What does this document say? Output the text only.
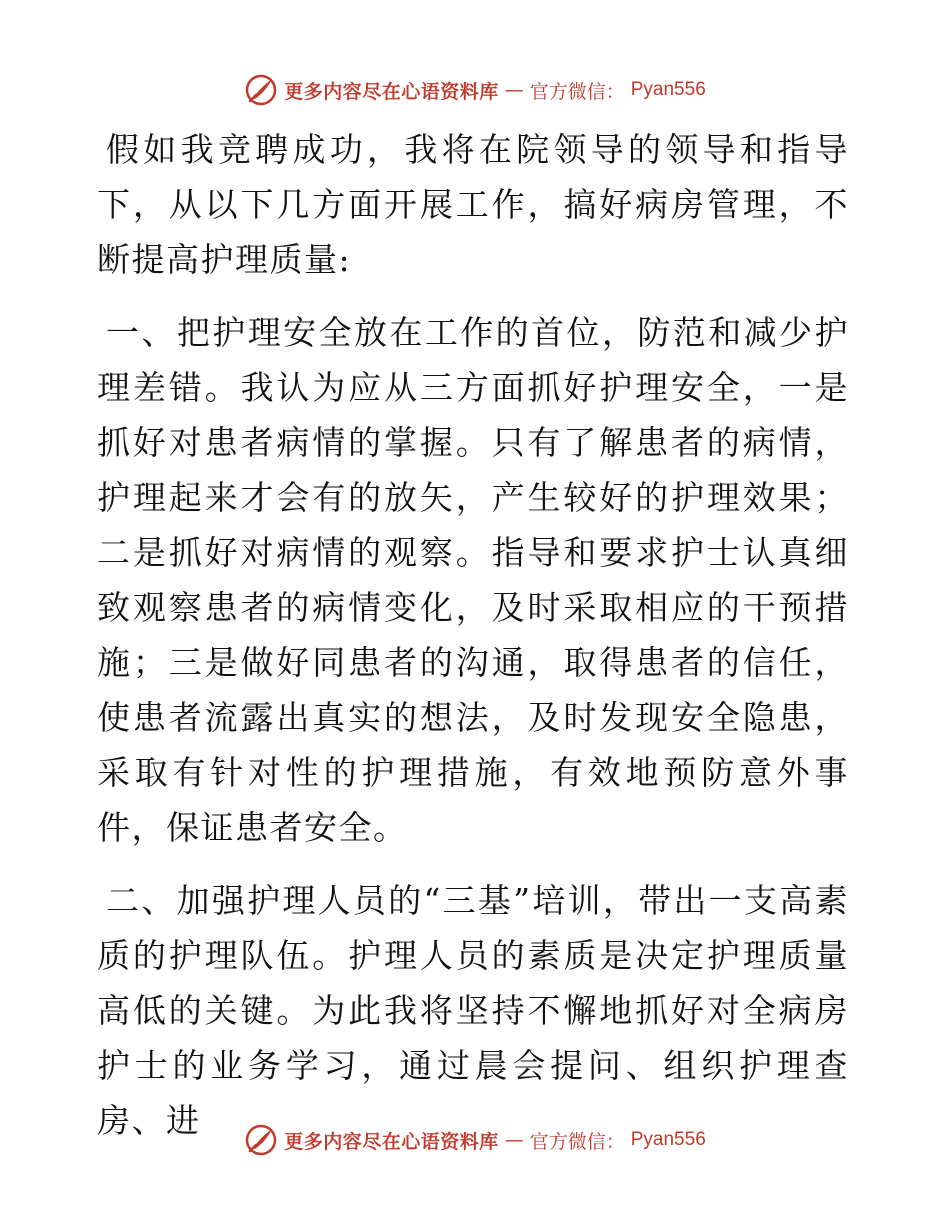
更多内容尽在心语资料库 — 官方微信： Pyan556

假如我竞聘成功，我将在院领导的领导和指导下，从以下几方面开展工作，搞好病房管理，不断提高护理质量:

一、把护理安全放在工作的首位，防范和减少护理差错。我认为应从三方面抓好护理安全，一是抓好对患者病情的掌握。只有了解患者的病情，护理起来才会有的放矢，产生较好的护理效果；二是抓好对病情的观察。指导和要求护士认真细致观察患者的病情变化，及时采取相应的干预措施；三是做好同患者的沟通，取得患者的信任，使患者流露出真实的想法，及时发现安全隐患，采取有针对性的护理措施，有效地预防意外事件，保证患者安全。

二、加强护理人员的“三基”培训，带出一支高素质的护理队伍。护理人员的素质是决定护理质量高低的关键。为此我将坚持不懈地抓好对全病房护士的业务学习，通过晨会提问、组织护理查房、进

更多内容尽在心语资料库 — 官方微信： Pyan556
